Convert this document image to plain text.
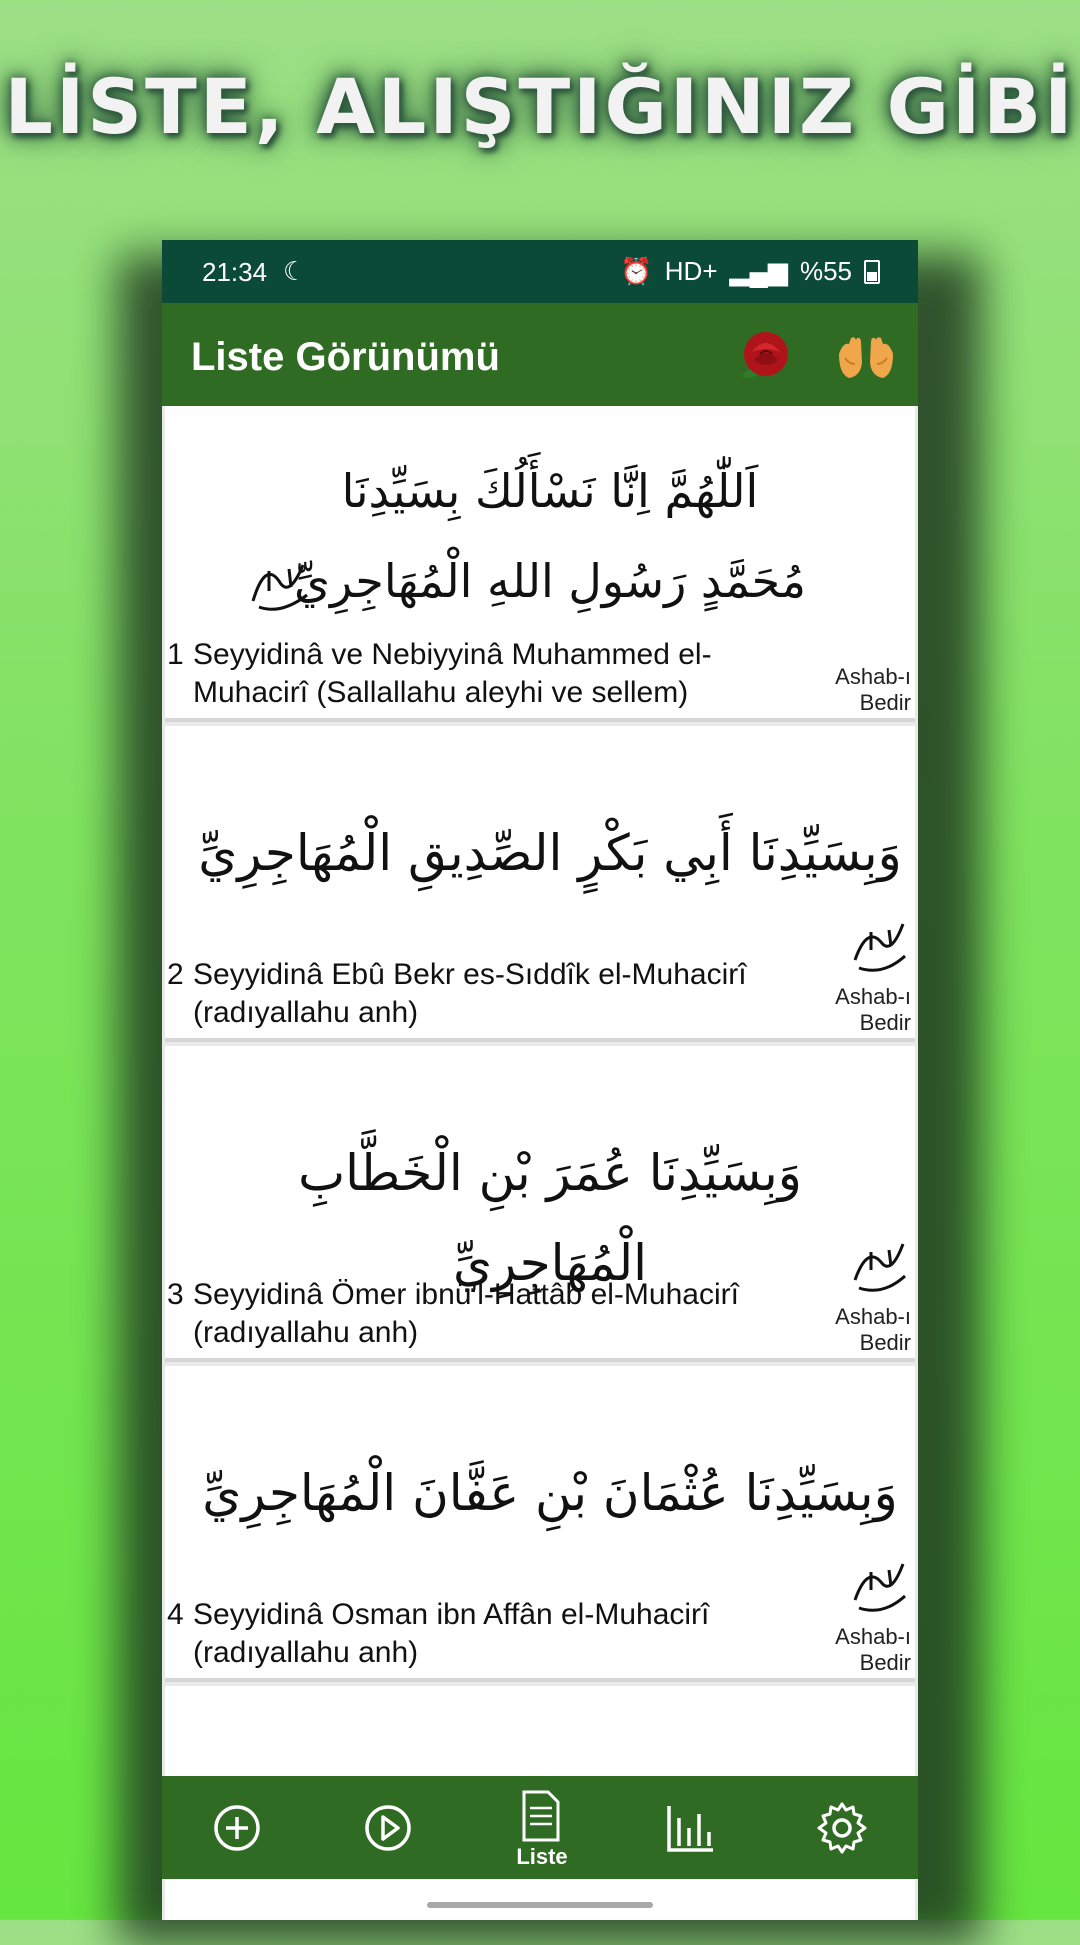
LİSTE, ALIŞTIĞINIZ GİBİ
21:34 ☾	⏰ HD+ ▂▄▆ %55
Liste Görünümü
اَللّٰهُمَّ اِنَّا نَسْأَلُكَ بِسَيِّدِنَا
مُحَمَّدٍ رَسُولِ اللهِ الْمُهَاجِرِيِّ
1 Seyyidinâ ve Nebiyyinâ Muhammed el-Muhacirî (Sallallahu aleyhi ve sellem)	Ashab-ı
Bedir
وَبِسَيِّدِنَا أَبِي بَكْرٍ الصِّدِيقِ الْمُهَاجِرِيِّ
2 Seyyidinâ Ebû Bekr es-Sıddîk el-Muhacirî (radıyallahu anh)	Ashab-ı
Bedir
وَبِسَيِّدِنَا عُمَرَ بْنِ الْخَطَّابِ الْمُهَاجِرِيِّ
3 Seyyidinâ Ömer ibnü'l-Hattâb el-Muhacirî (radıyallahu anh)	Ashab-ı
Bedir
وَبِسَيِّدِنَا عُثْمَانَ بْنِ عَفَّانَ الْمُهَاجِرِيِّ
4 Seyyidinâ Osman ibn Affân el-Muhacirî (radıyallahu anh)	Ashab-ı
Bedir
Liste
